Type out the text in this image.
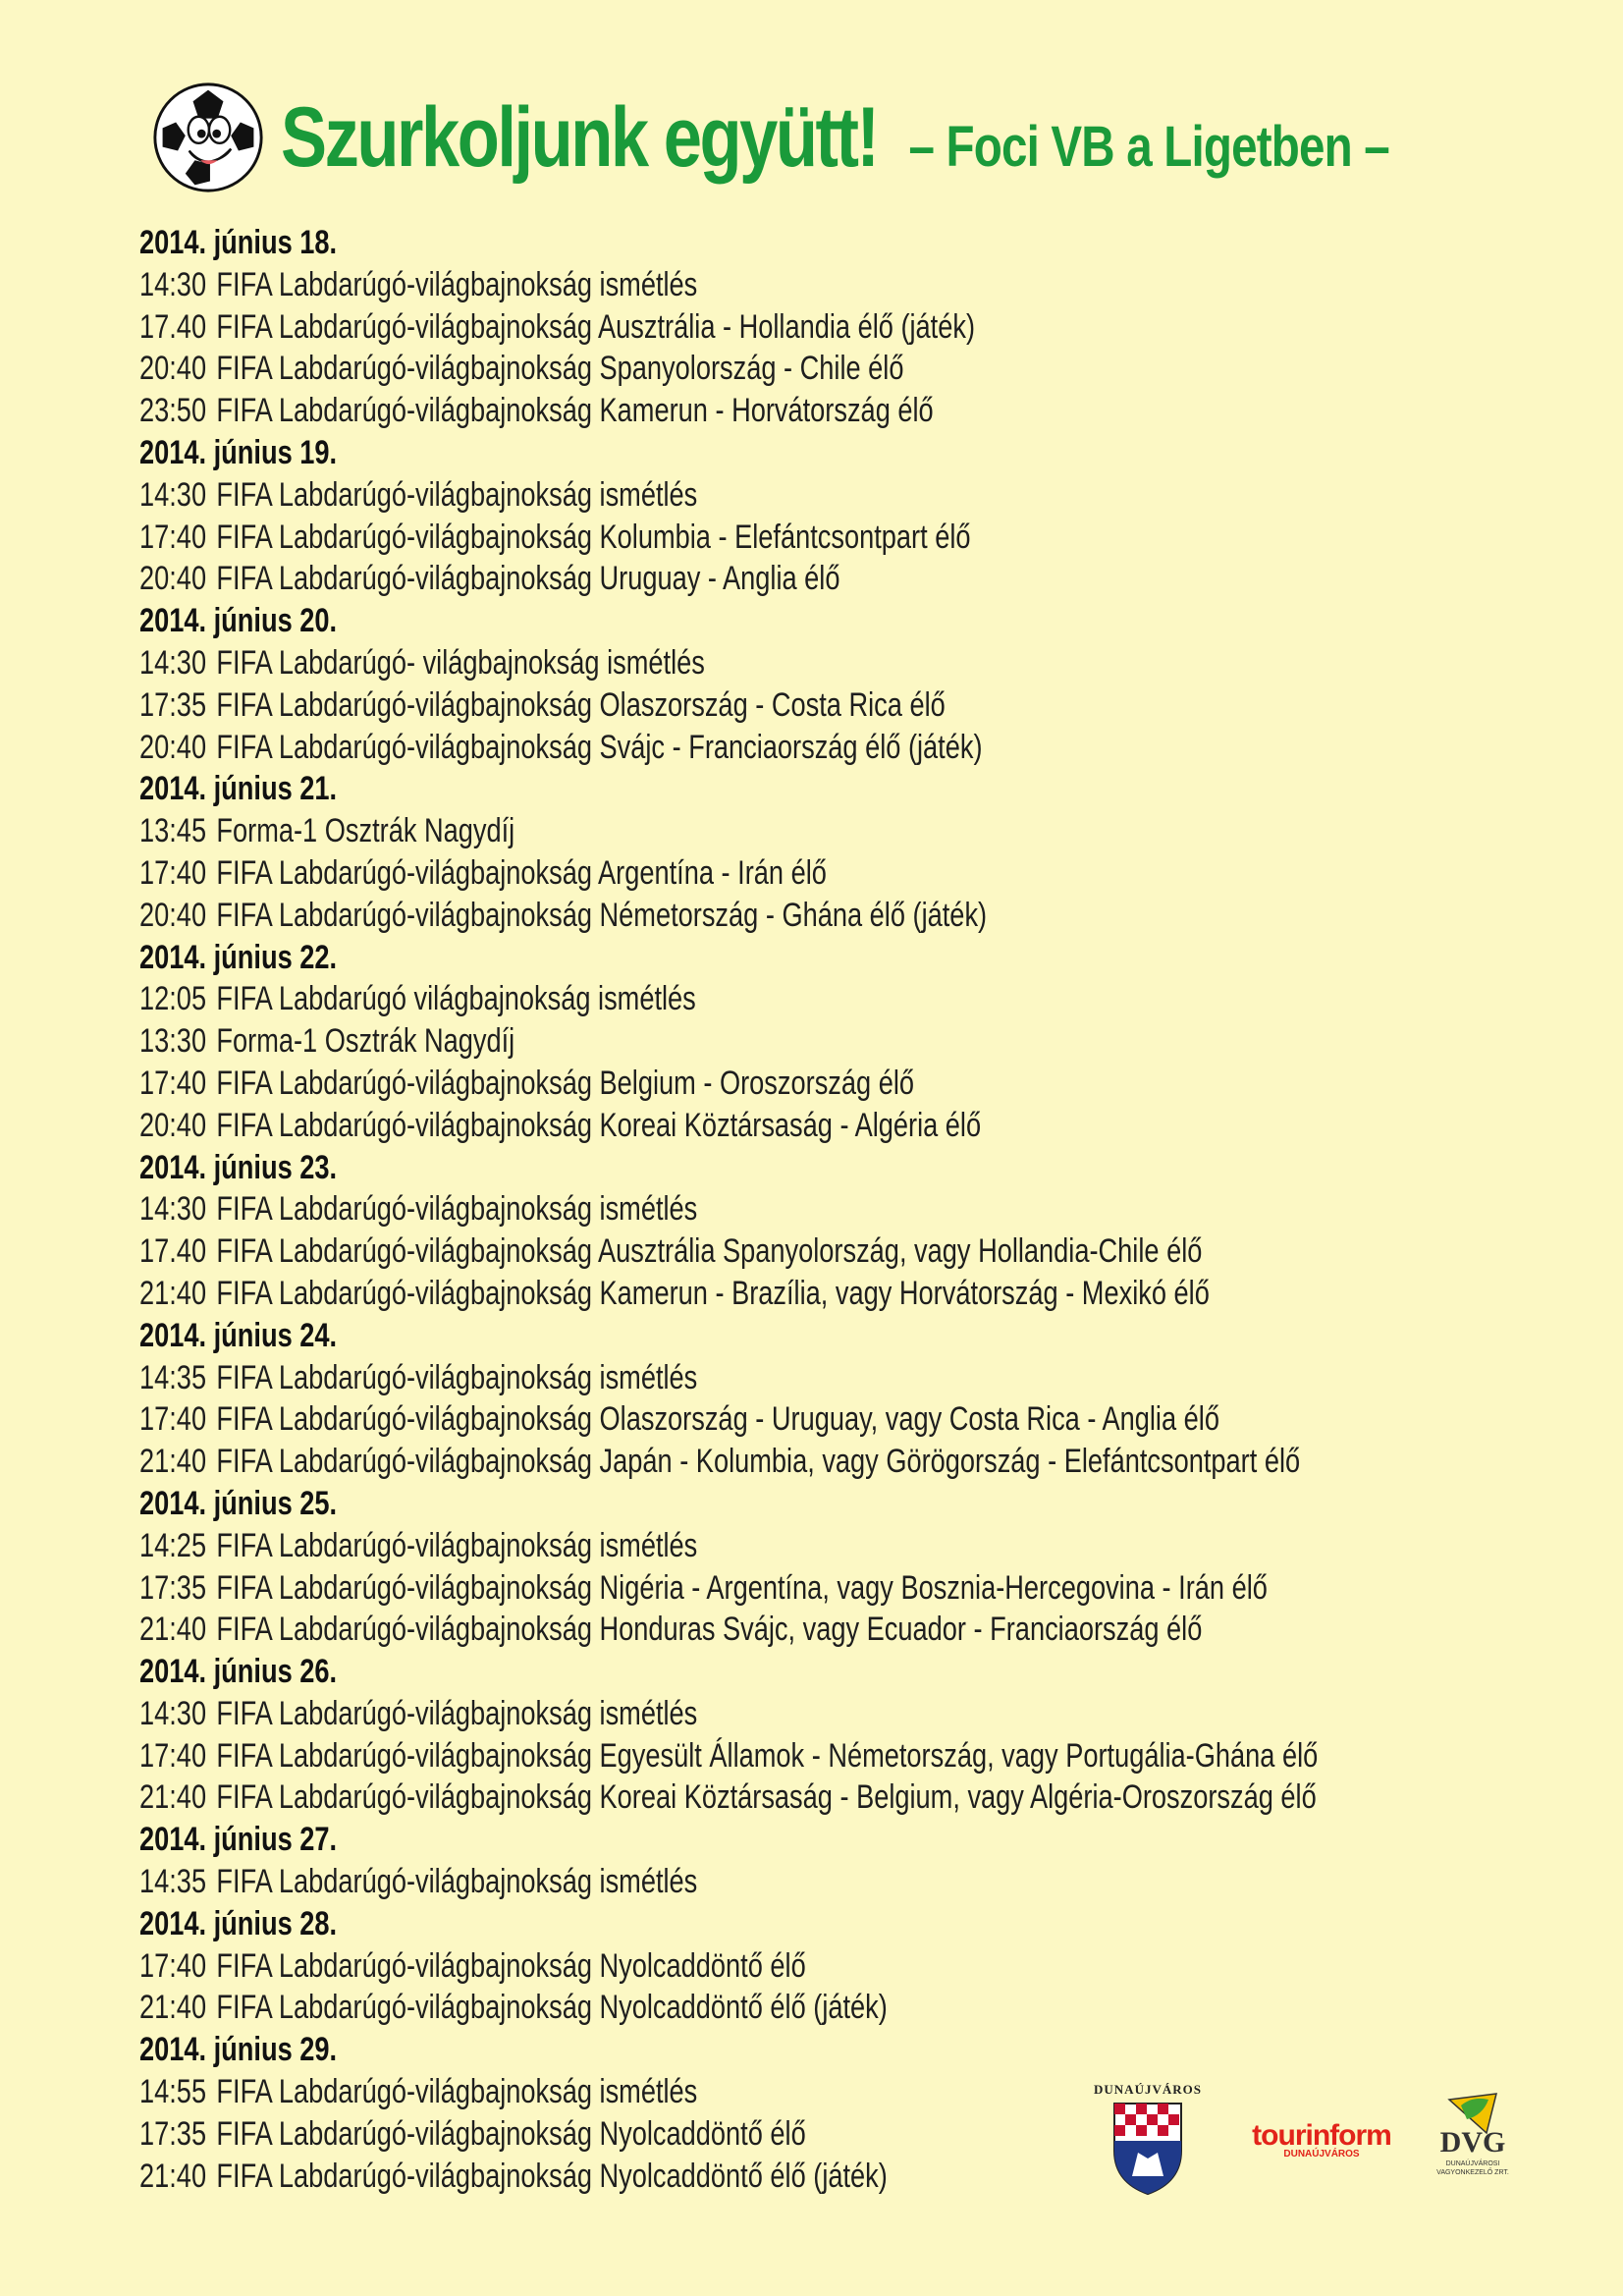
Szurkoljunk együtt! – Foci VB a Ligetben –
2014. június 18.
14:30 FIFA Labdarúgó-világbajnokság ismétlés
17.40 FIFA Labdarúgó-világbajnokság Ausztrália - Hollandia élő (játék)
20:40 FIFA Labdarúgó-világbajnokság Spanyolország - Chile élő
23:50 FIFA Labdarúgó-világbajnokság Kamerun - Horvátország élő
2014. június 19.
14:30 FIFA Labdarúgó-világbajnokság ismétlés
17:40 FIFA Labdarúgó-világbajnokság Kolumbia - Elefántcsontpart élő
20:40 FIFA Labdarúgó-világbajnokság Uruguay - Anglia élő
2014. június 20.
14:30 FIFA Labdarúgó- világbajnokság ismétlés
17:35 FIFA Labdarúgó-világbajnokság Olaszország - Costa Rica élő
20:40 FIFA Labdarúgó-világbajnokság Svájc - Franciaország élő (játék)
2014. június 21.
13:45 Forma-1 Osztrák Nagydíj
17:40 FIFA Labdarúgó-világbajnokság Argentína - Irán élő
20:40 FIFA Labdarúgó-világbajnokság Németország - Ghána élő (játék)
2014. június 22.
12:05 FIFA Labdarúgó világbajnokság ismétlés
13:30 Forma-1 Osztrák Nagydíj
17:40 FIFA Labdarúgó-világbajnokság Belgium - Oroszország élő
20:40 FIFA Labdarúgó-világbajnokság Koreai Köztársaság - Algéria élő
2014. június 23.
14:30 FIFA Labdarúgó-világbajnokság ismétlés
17.40 FIFA Labdarúgó-világbajnokság Ausztrália Spanyolország, vagy Hollandia-Chile élő
21:40 FIFA Labdarúgó-világbajnokság Kamerun - Brazília, vagy Horvátország - Mexikó élő
2014. június 24.
14:35 FIFA Labdarúgó-világbajnokság ismétlés
17:40 FIFA Labdarúgó-világbajnokság Olaszország - Uruguay, vagy Costa Rica - Anglia élő
21:40 FIFA Labdarúgó-világbajnokság Japán - Kolumbia, vagy Görögország - Elefántcsontpart élő
2014. június 25.
14:25 FIFA Labdarúgó-világbajnokság ismétlés
17:35 FIFA Labdarúgó-világbajnokság Nigéria - Argentína, vagy Bosznia-Hercegovina - Irán élő
21:40 FIFA Labdarúgó-világbajnokság Honduras Svájc, vagy Ecuador - Franciaország élő
2014. június 26.
14:30 FIFA Labdarúgó-világbajnokság ismétlés
17:40 FIFA Labdarúgó-világbajnokság Egyesült Államok - Németország, vagy Portugália-Ghána élő
21:40 FIFA Labdarúgó-világbajnokság Koreai Köztársaság - Belgium, vagy Algéria-Oroszország élő
2014. június 27.
14:35 FIFA Labdarúgó-világbajnokság ismétlés
2014. június 28.
17:40 FIFA Labdarúgó-világbajnokság Nyolcaddöntő élő
21:40 FIFA Labdarúgó-világbajnokság Nyolcaddöntő élő (játék)
2014. június 29.
14:55 FIFA Labdarúgó-világbajnokság ismétlés
17:35 FIFA Labdarúgó-világbajnokság Nyolcaddöntő élő
21:40 FIFA Labdarúgó-világbajnokság Nyolcaddöntő élő (játék)
DUNAÚJVÁROS
tourinform
DUNAÚJVÁROS	DVG
DUNAÚJVÁROSI VAGYONKEZELŐ ZRT.
